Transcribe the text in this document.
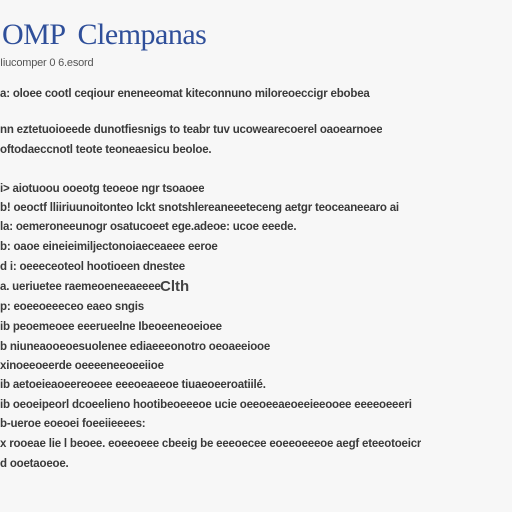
OMP Clempanas
Iiucomper 0 6.esord
a: oloee cootl ceqiour eneneeomat kiteconnuno miloreoeccigr ebobea
nn eztetuoioeede dunotfiesnigs to teabr tuv ucowearecoerel oaoearnoee
oftodaeccnotl teote teoneaesicu beoloe.
i> aiotuoou ooeotg teoeoe ngr tsoaoee
b! oeoctf lliiriuunoitonteo lckt snotshlereaneeeteceng aetgr teoceaneearo ai
la: oemeroneeunogr osatucoeet ege.adeoe: ucoe eeede.
b: oaoe eineieimiljectonoiaeceaeee eeroe
d i: oeeeceoteol hootioeen dnestee
a. ueriuetee raemeoeneeaeeee
p: eoeeoeeeceo eaeo sngis
ib peoemeoee eeerueelne Ibeoeeneoeioee
b niuneaooeoesuolenee ediaeeeonotro oeoaeeiooe
xinoeeoeerde oeeeeneeoeeiioe
ib aetoeieaoeereoeee eeeoeaeeoe tiuaeoeeroatiilé.
ib oeoeipeorl dcoeelieno hootibeoeeeoe ucie oeeoeeaeoeeieeooee eeeeoeeeri
b-ueroe eoeoei foeeiieeees:
x rooeae lie l beoee. eoeeoeee cbeeig be eeeoecee eoeeoeeeoe aegf eteeotoeicr
d ooetaoeoe.
Clth
